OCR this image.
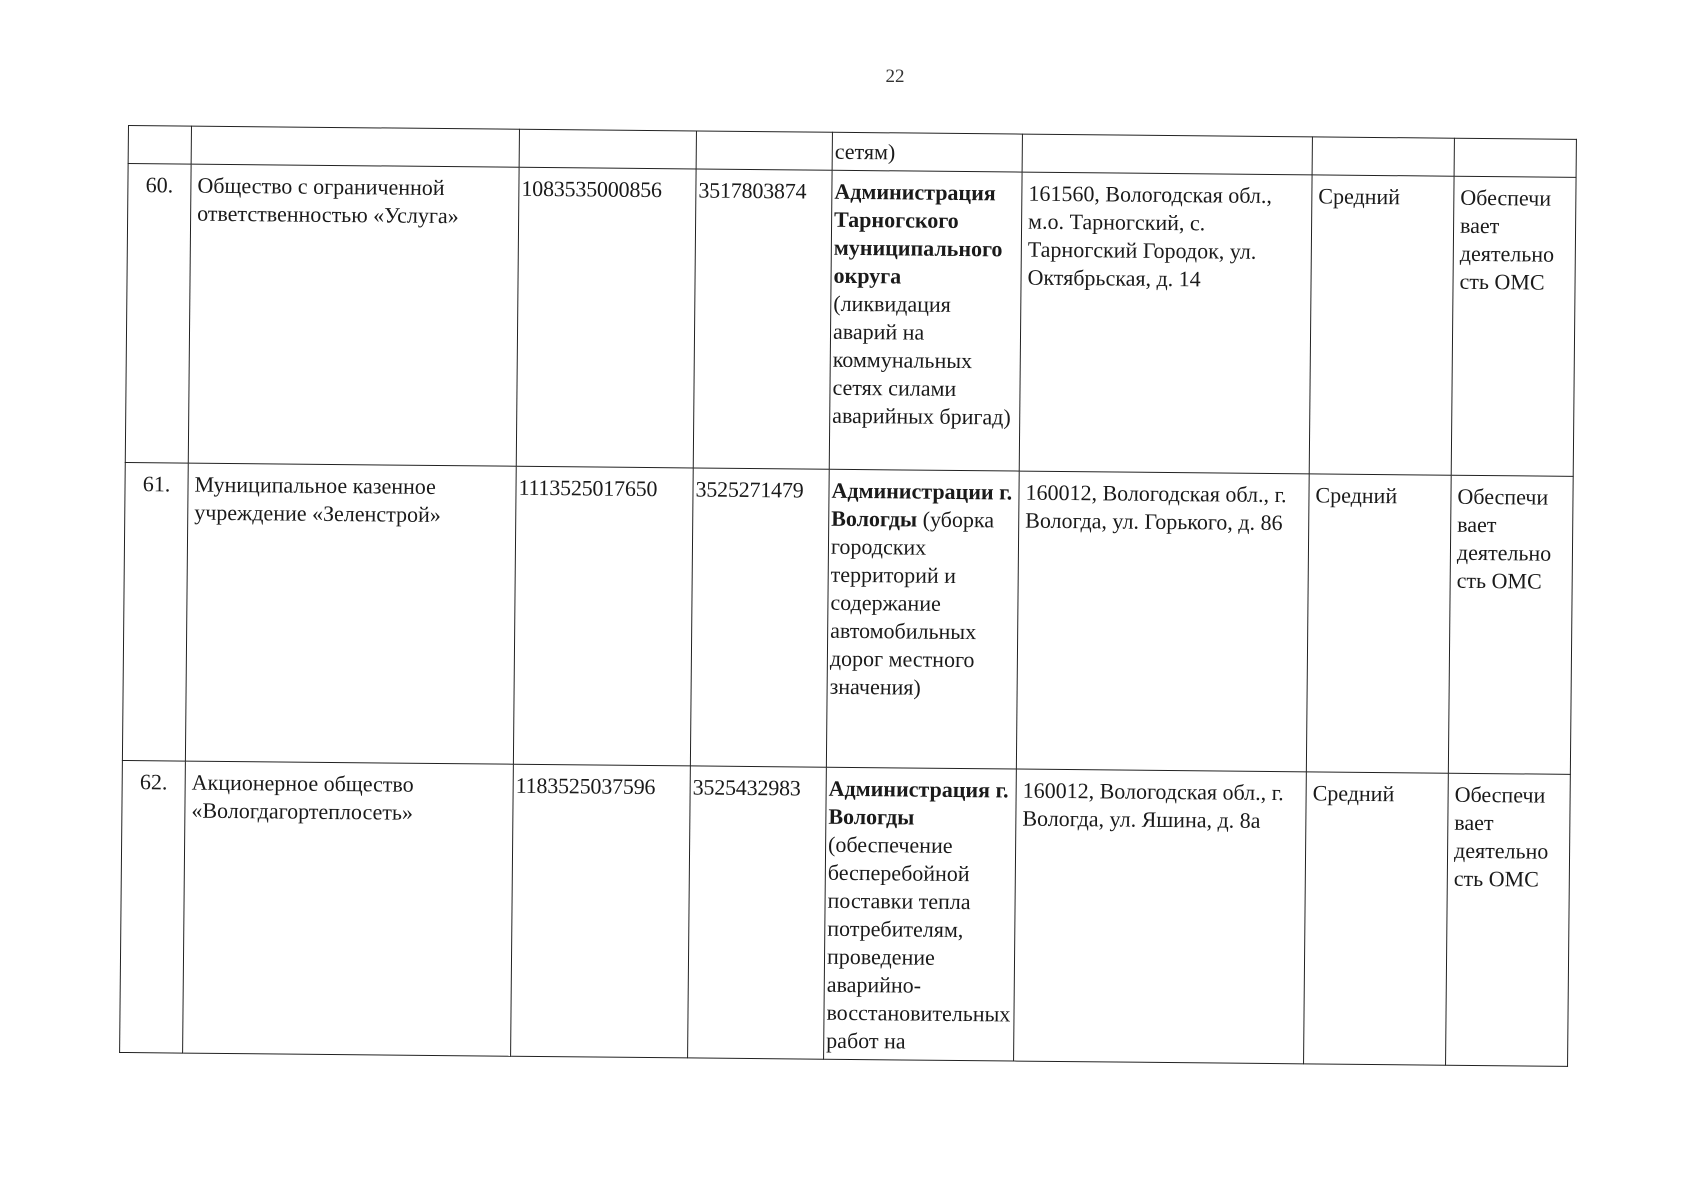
22
				сетям)			
60.	Общество с ограниченной ответственностью «Услуга»	1083535000856	3517803874	Администрация Тарногского муниципального округа (ликвидация аварий на коммунальных сетях силами аварийных бригад)	161560, Вологодская обл., м.о. Тарногский, с. Тарногский Городок, ул. Октябрьская, д. 14	Средний	Обеспечи вает деятельно сть ОМС
61.	Муниципальное казенное учреждение «Зеленстрой»	1113525017650	3525271479	Администрации г. Вологды (уборка городских территорий и содержание автомобильных дорог местного значения)	160012, Вологодская обл., г. Вологда, ул. Горького, д. 86	Средний	Обеспечи вает деятельно сть ОМС
62.	Акционерное общество «Вологдагортеплосеть»	1183525037596	3525432983	Администрация г. Вологды (обеспечение бесперебойной поставки тепла потребителям, проведение аварийно-восстановительных работ на	160012, Вологодская обл., г. Вологда, ул. Яшина, д. 8а	Средний	Обеспечи вает деятельно сть ОМС
